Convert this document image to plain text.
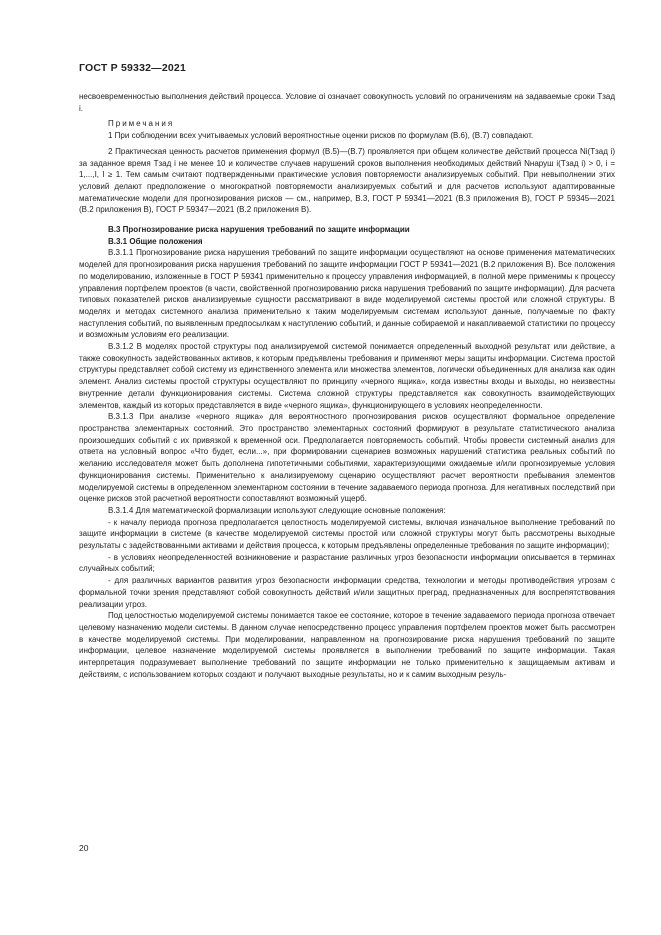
ГОСТ Р 59332—2021

несвоевременностью выполнения действий процесса. Условие αi означает совокупность условий по ограничениям на задаваемые сроки Tзад i.

Примечания

1 При соблюдении всех учитываемых условий вероятностные оценки рисков по формулам (В.6), (В.7) совпадают.

2 Практическая ценность расчетов применения формул (В.5)—(В.7) проявляется при общем количестве действий процесса Ni(Tзад i) за заданное время Tзад i не менее 10 и количестве случаев нарушений сроков выполнения необходимых действий Nнаруш i(Tзад i) > 0, i = 1,...,I, I ≥ 1. Тем самым считают подтвержденными практические условия повторяемости анализируемых событий. При невыполнении этих условий делают предположение о многократной повторяемости анализируемых событий и для расчетов используют адаптированные математические модели для прогнозирования рисков — см., например, В.3, ГОСТ Р 59341—2021 (В.3 приложения В), ГОСТ Р 59345—2021 (В.2 приложения В), ГОСТ Р 59347—2021 (В.2 приложения В).

В.3 Прогнозирование риска нарушения требований по защите информации

В.3.1 Общие положения

В.3.1.1 Прогнозирование риска нарушения требований по защите информации осуществляют на основе применения математических моделей для прогнозирования риска нарушения требований по защите информации ГОСТ Р 59341—2021 (В.2 приложения В). Все положения по моделированию, изложенные в ГОСТ Р 59341 применительно к процессу управления информацией, в полной мере применимы к процессу управления портфелем проектов (в части, свойственной прогнозированию риска нарушения требований по защите информации). Для расчета типовых показателей рисков анализируемые сущности рассматривают в виде моделируемой системы простой или сложной структуры. В моделях и методах системного анализа применительно к таким моделируемым системам используют данные, получаемые по факту наступления событий, по выявленным предпосылкам к наступлению событий, и данные собираемой и накапливаемой статистики по процессу и возможным условиям его реализации.

В.3.1.2 В моделях простой структуры под анализируемой системой понимается определенный выходной результат или действие, а также совокупность задействованных активов, к которым предъявлены требования и применяют меры защиты информации. Система простой структуры представляет собой систему из единственного элемента или множества элементов, логически объединенных для анализа как один элемент. Анализ системы простой структуры осуществляют по принципу «черного ящика», когда известны входы и выходы, но неизвестны внутренние детали функционирования системы. Система сложной структуры представляется как совокупность взаимодействующих элементов, каждый из которых представляется в виде «черного ящика», функционирующего в условиях неопределенности.

В.3.1.3 При анализе «черного ящика» для вероятностного прогнозирования рисков осуществляют формальное определение пространства элементарных состояний. Это пространство элементарных состояний формируют в результате статистического анализа произошедших событий с их привязкой к временной оси. Предполагается повторяемость событий. Чтобы провести системный анализ для ответа на условный вопрос «Что будет, если...», при формировании сценариев возможных нарушений статистика реальных событий по желанию исследователя может быть дополнена гипотетичными событиями, характеризующими ожидаемые и/или прогнозируемые условия функционирования системы. Применительно к анализируемому сценарию осуществляют расчет вероятности пребывания элементов моделируемой системы в определенном элементарном состоянии в течение задаваемого периода прогноза. Для негативных последствий при оценке рисков этой расчетной вероятности сопоставляют возможный ущерб.

В.3.1.4 Для математической формализации используют следующие основные положения:

- к началу периода прогноза предполагается целостность моделируемой системы, включая изначальное выполнение требований по защите информации в системе (в качестве моделируемой системы простой или сложной структуры могут быть рассмотрены выходные результаты с задействованными активами и действия процесса, к которым предъявлены определенные требования по защите информации);

- в условиях неопределенностей возникновение и разрастание различных угроз безопасности информации описывается в терминах случайных событий;

- для различных вариантов развития угроз безопасности информации средства, технологии и методы противодействия угрозам с формальной точки зрения представляют собой совокупность действий и/или защитных преград, предназначенных для воспрепятствования реализации угроз.

Под целостностью моделируемой системы понимается такое ее состояние, которое в течение задаваемого периода прогноза отвечает целевому назначению модели системы. В данном случае непосредственно процесс управления портфелем проектов может быть рассмотрен в качестве моделируемой системы. При моделировании, направленном на прогнозирование риска нарушения требований по защите информации, целевое назначение моделируемой системы проявляется в выполнении требований по защите информации. Такая интерпретация подразумевает выполнение требований по защите информации не только применительно к защищаемым активам и действиям, с использованием которых создают и получают выходные результаты, но и к самим выходным резуль-

20
